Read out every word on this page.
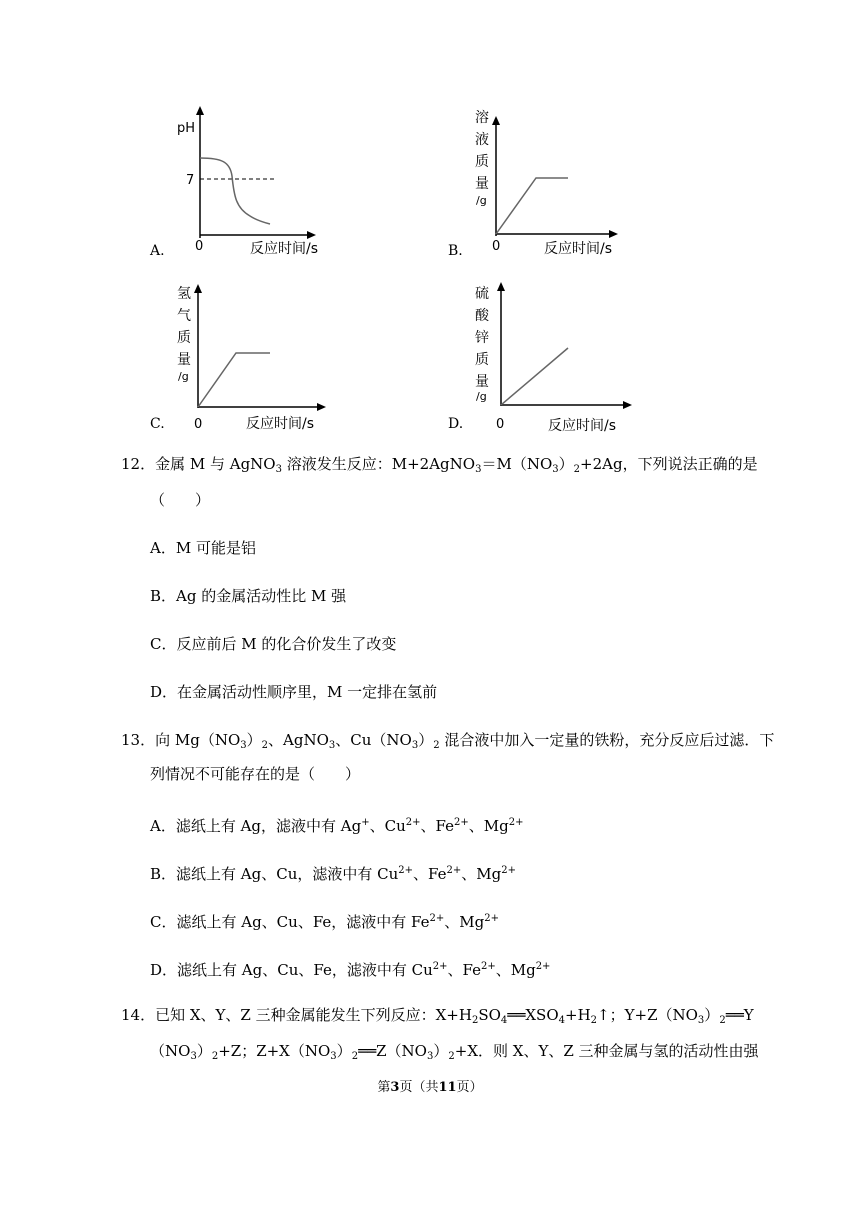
A.
pH
7
0	反应时间/s	B.
溶
液
质
量
/g
0	反应时间/s
C.
氢
气
质
量
/g
0	反应时间/s	D.
硫
酸
锌
质
量
/g
0	反应时间/s
12．金属 M 与 AgNO$_3$ 溶液发生反应：$M+2AgNO_3=M(NO_3)_2+2Ag$，下列说法正确的是
（　　）
A．M 可能是铝
B．Ag 的金属活动性比 M 强
C．反应前后 M 的化合价发生了改变
D．在金属活动性顺序里，M 一定排在氢前
13．向 $Mg(NO_3)_2$、AgNO$_3$、$Cu(NO_3)_2$ 混合液中加入一定量的铁粉，充分反应后过滤．下
列情况不可能存在的是（　　）
A．滤纸上有 Ag，滤液中有 Ag+、$Cu^{2+}$、$Fe^{2+}$、$Mg^{2+}$
B．滤纸上有 Ag、Cu，滤液中有 $Cu^{2+}$、$Fe^{2+}$、$Mg^{2+}$
C．滤纸上有 Ag、Cu、Fe，滤液中有 $Fe^{2+}$、$Mg^{2+}$
D．滤纸上有 Ag、Cu、Fe，滤液中有 $Cu^{2+}$、$Fe^{2+}$、$Mg^{2+}$
14．已知 X、Y、Z 三种金属能发生下列反应：$X+H_2SO_4══XSO_4+H_2↑$；$Y+Z(NO_3)_2══Y$
$(NO_3)_2+Z$；$Z+X(NO_3)_2══Z(NO_3)_2+X$．则 X、Y、Z 三种金属与氢的活动性由强
第3页（共11页）
